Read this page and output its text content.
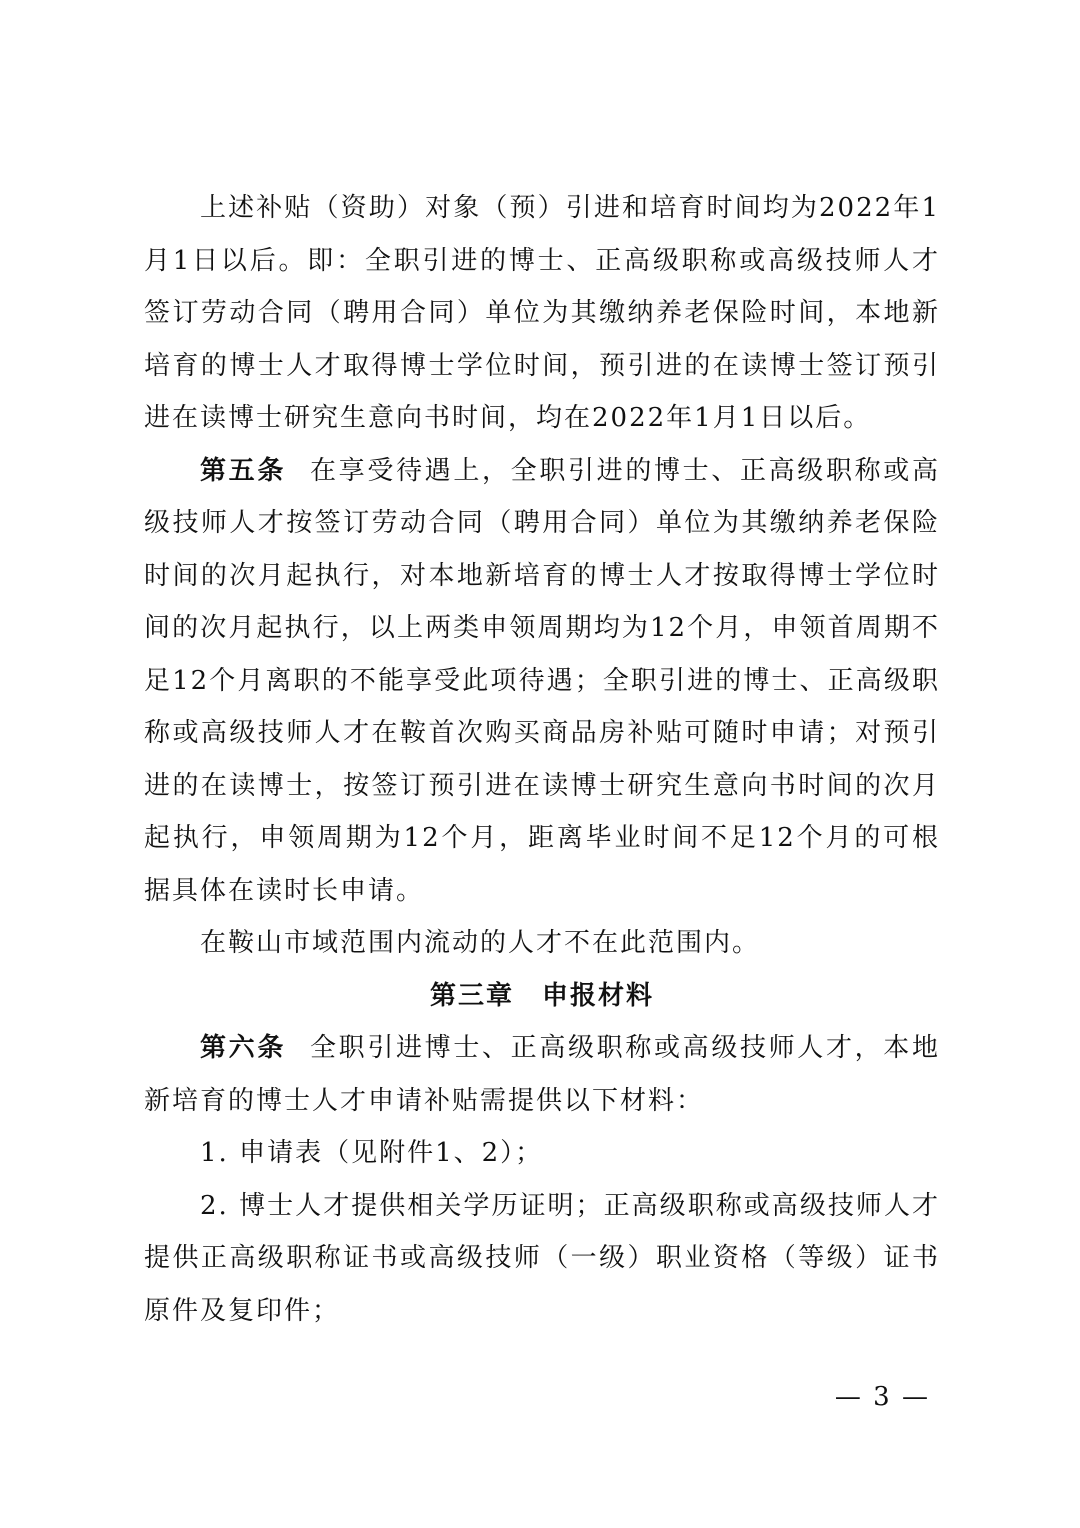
上述补贴（资助）对象（预）引进和培育时间均为2022年1月1日以后。即：全职引进的博士、正高级职称或高级技师人才签订劳动合同（聘用合同）单位为其缴纳养老保险时间，本地新培育的博士人才取得博士学位时间，预引进的在读博士签订预引进在读博士研究生意向书时间，均在2022年1月1日以后。

第五条 在享受待遇上，全职引进的博士、正高级职称或高级技师人才按签订劳动合同（聘用合同）单位为其缴纳养老保险时间的次月起执行，对本地新培育的博士人才按取得博士学位时间的次月起执行，以上两类申领周期均为12个月，申领首周期不足12个月离职的不能享受此项待遇；全职引进的博士、正高级职称或高级技师人才在鞍首次购买商品房补贴可随时申请；对预引进的在读博士，按签订预引进在读博士研究生意向书时间的次月起执行，申领周期为12个月，距离毕业时间不足12个月的可根据具体在读时长申请。

在鞍山市域范围内流动的人才不在此范围内。

第三章 申报材料

第六条 全职引进博士、正高级职称或高级技师人才，本地新培育的博士人才申请补贴需提供以下材料：

1. 申请表（见附件1、2）；

2. 博士人才提供相关学历证明；正高级职称或高级技师人才提供正高级职称证书或高级技师（一级）职业资格（等级）证书原件及复印件；

— 3 —
